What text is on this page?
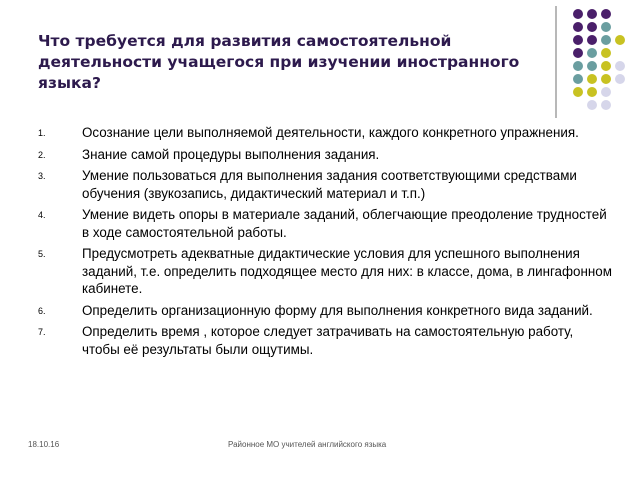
Что требуется для развития самостоятельной деятельности учащегося при изучении иностранного языка?
1.	Осознание цели выполняемой деятельности, каждого конкретного упражнения.
2.	Знание самой процедуры выполнения задания.
3.	Умение пользоваться для выполнения задания соответствующими средствами обучения (звукозапись, дидактический материал и т.п.)
4.	Умение видеть опоры в материале заданий, облегчающие преодоление трудностей в ходе самостоятельной работы.
5.	Предусмотреть адекватные дидактические условия для успешного выполнения заданий, т.е. определить подходящее место для них: в классе, дома, в лингафонном кабинете.
6.	Определить организационную форму для выполнения конкретного вида заданий.
7.	Определить время , которое следует затрачивать на самостоятельную работу, чтобы её результаты были ощутимы.
18.10.16	Районное МО учителей английского языка
